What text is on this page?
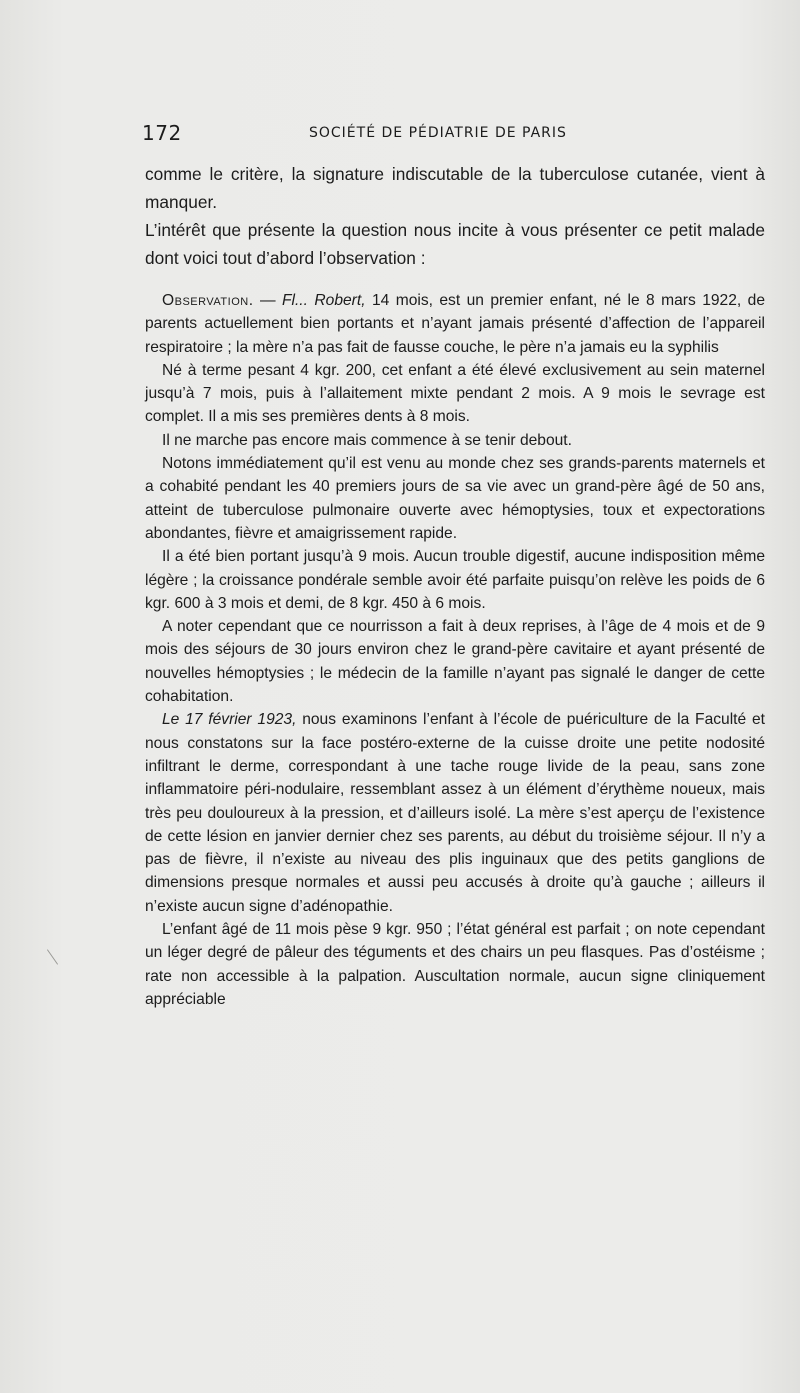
172	SOCIÉTÉ DE PÉDIATRIE DE PARIS

comme le critère, la signature indiscutable de la tuberculose cutanée, vient à manquer.

L’intérêt que présente la question nous incite à vous présenter ce petit malade dont voici tout d’abord l’observation :

Observation. — Fl... Robert, 14 mois, est un premier enfant, né le 8 mars 1922, de parents actuellement bien portants et n’ayant jamais présenté d’affection de l’appareil respiratoire ; la mère n’a pas fait de fausse couche, le père n’a jamais eu la syphilis

Né à terme pesant 4 kgr. 200, cet enfant a été élevé exclusivement au sein maternel jusqu’à 7 mois, puis à l’allaitement mixte pendant 2 mois. A 9 mois le sevrage est complet. Il a mis ses premières dents à 8 mois.

Il ne marche pas encore mais commence à se tenir debout.

Notons immédiatement qu’il est venu au monde chez ses grands-parents maternels et a cohabité pendant les 40 premiers jours de sa vie avec un grand-père âgé de 50 ans, atteint de tuberculose pulmonaire ouverte avec hémoptysies, toux et expectorations abondantes, fièvre et amaigrissement rapide.

Il a été bien portant jusqu’à 9 mois. Aucun trouble digestif, aucune indisposition même légère ; la croissance pondérale semble avoir été parfaite puisqu’on relève les poids de 6 kgr. 600 à 3 mois et demi, de 8 kgr. 450 à 6 mois.

A noter cependant que ce nourrisson a fait à deux reprises, à l’âge de 4 mois et de 9 mois des séjours de 30 jours environ chez le grand-père cavitaire et ayant présenté de nouvelles hémoptysies ; le médecin de la famille n’ayant pas signalé le danger de cette cohabitation.

Le 17 février 1923, nous examinons l’enfant à l’école de puériculture de la Faculté et nous constatons sur la face postéro-externe de la cuisse droite une petite nodosité infiltrant le derme, correspondant à une tache rouge livide de la peau, sans zone inflammatoire péri-nodulaire, ressemblant assez à un élément d’érythème noueux, mais très peu douloureux à la pression, et d’ailleurs isolé. La mère s’est aperçu de l’existence de cette lésion en janvier dernier chez ses parents, au début du troisième séjour. Il n’y a pas de fièvre, il n’existe au niveau des plis inguinaux que des petits ganglions de dimensions presque normales et aussi peu accusés à droite qu’à gauche ; ailleurs il n’existe aucun signe d’adénopathie.

L’enfant âgé de 11 mois pèse 9 kgr. 950 ; l’état général est parfait ; on note cependant un léger degré de pâleur des téguments et des chairs un peu flasques. Pas d’ostéisme ; rate non accessible à la palpation. Auscultation normale, aucun signe cliniquement appréciable
